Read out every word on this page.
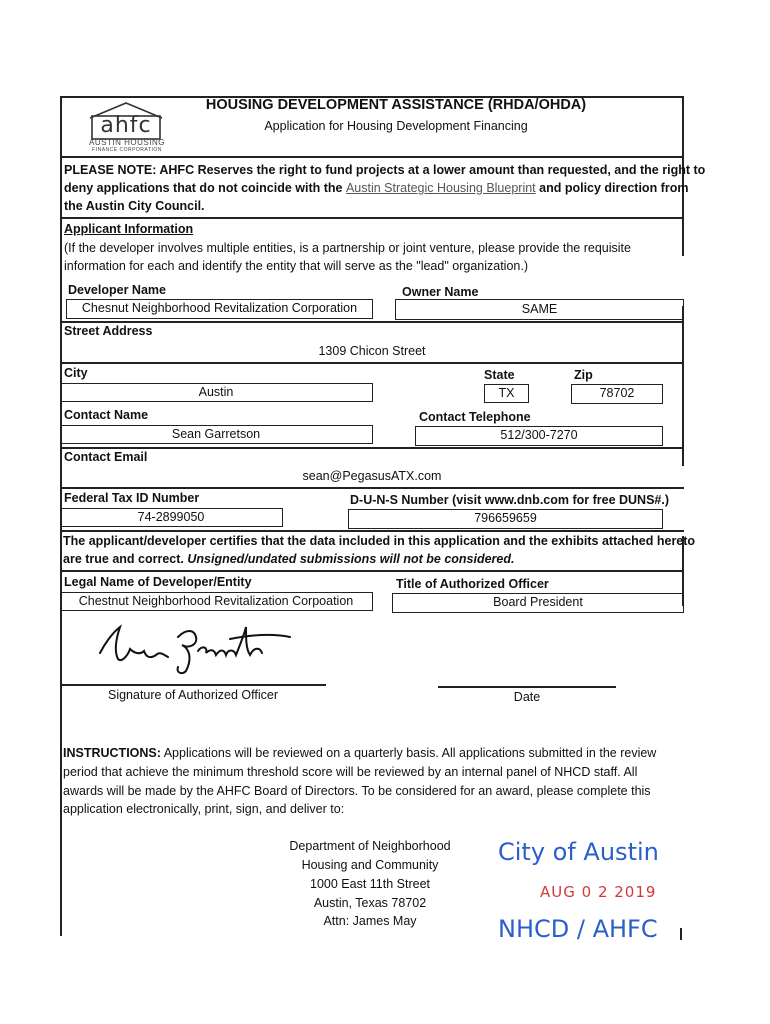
ahfc
AUSTIN HOUSING
FINANCE CORPORATION
HOUSING DEVELOPMENT ASSISTANCE (RHDA/OHDA)
Application for Housing Development Financing
PLEASE NOTE: AHFC Reserves the right to fund projects at a lower amount than requested, and the right to
deny applications that do not coincide with the Austin Strategic Housing Blueprint and policy direction from
the Austin City Council.
Applicant Information
(If the developer involves multiple entities, is a partnership or joint venture, please provide the requisite
information for each and identify the entity that will serve as the "lead" organization.)
Developer Name
Chesnut Neighborhood Revitalization Corporation
Owner Name
SAME
Street Address
1309 Chicon Street
City
Austin
State
TX
Zip
78702
Contact Name
Sean Garretson
Contact Telephone
512/300-7270
Contact Email
sean@PegasusATX.com
Federal Tax ID Number
74-2899050
D-U-N-S Number (visit www.dnb.com for free DUNS#.)
796659659
The applicant/developer certifies that the data included in this application and the exhibits attached hereto
are true and correct. Unsigned/undated submissions will not be considered.
Legal Name of Developer/Entity
Chestnut Neighborhood Revitalization Corpoation
Title of Authorized Officer
Board President
Signature of Authorized Officer	Date
INSTRUCTIONS: Applications will be reviewed on a quarterly basis. All applications submitted in the review
period that achieve the minimum threshold score will be reviewed by an internal panel of NHCD staff. All
awards will be made by the AHFC Board of Directors. To be considered for an award, please complete this
application electronically, print, sign, and deliver to:
Department of Neighborhood
Housing and Community
1000 East 11th Street
Austin, Texas 78702
Attn: James May
City of Austin
AUG 0 2 2019
NHCD / AHFC
